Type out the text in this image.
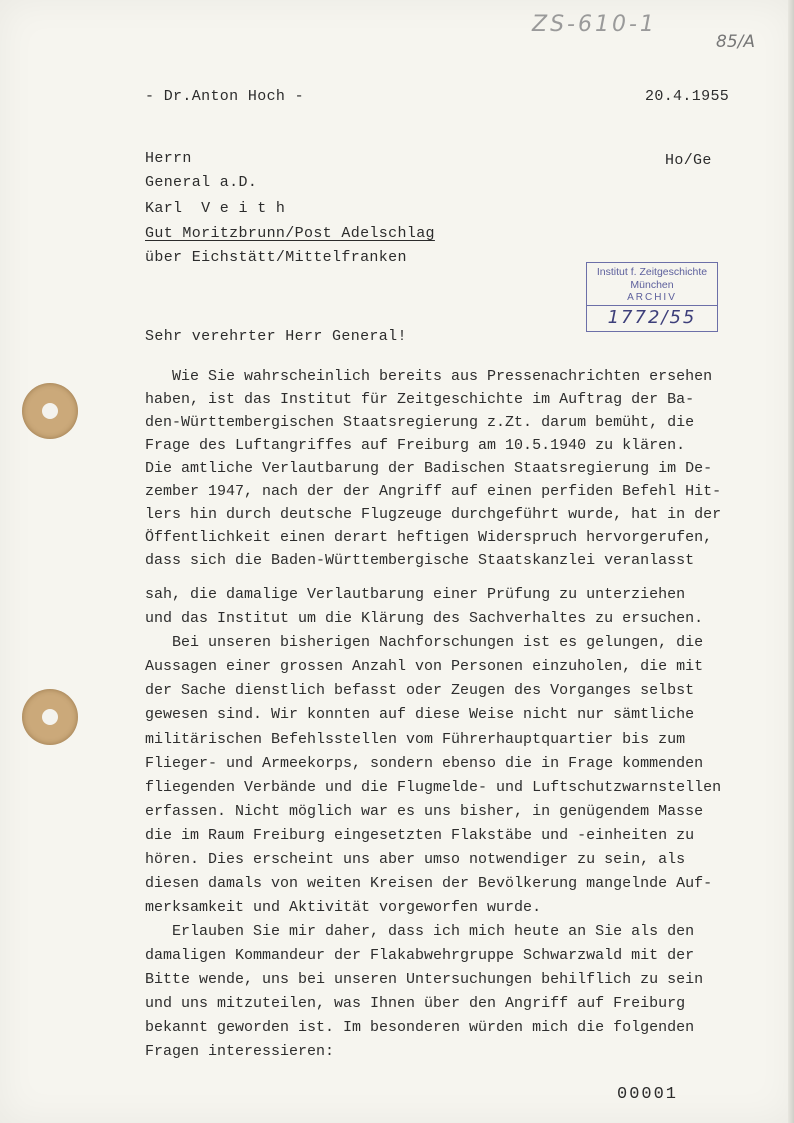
ZS-610-1
85/A
- Dr.Anton Hoch -	20.4.1955
Herrn	Ho/Ge
General a.D.
Karl  V e i t h
Gut Moritzbrunn/Post Adelschlag
über Eichstätt/Mittelfranken
Institut f. Zeitgeschichte
München
ARCHIV
1772/55
Sehr verehrter Herr General!
Wie Sie wahrscheinlich bereits aus Pressenachrichten ersehen
haben, ist das Institut für Zeitgeschichte im Auftrag der Ba-
den-Württembergischen Staatsregierung z.Zt. darum bemüht, die
Frage des Luftangriffes auf Freiburg am 10.5.1940 zu klären.
Die amtliche Verlautbarung der Badischen Staatsregierung im De-
zember 1947, nach der der Angriff auf einen perfiden Befehl Hit-
lers hin durch deutsche Flugzeuge durchgeführt wurde, hat in der
Öffentlichkeit einen derart heftigen Widerspruch hervorgerufen,
dass sich die Baden-Württembergische Staatskanzlei veranlasst
sah, die damalige Verlautbarung einer Prüfung zu unterziehen
und das Institut um die Klärung des Sachverhaltes zu ersuchen.
Bei unseren bisherigen Nachforschungen ist es gelungen, die
Aussagen einer grossen Anzahl von Personen einzuholen, die mit
der Sache dienstlich befasst oder Zeugen des Vorganges selbst
gewesen sind. Wir konnten auf diese Weise nicht nur sämtliche
militärischen Befehlsstellen vom Führerhauptquartier bis zum
Flieger- und Armeekorps, sondern ebenso die in Frage kommenden
fliegenden Verbände und die Flugmelde- und Luftschutzwarnstellen
erfassen. Nicht möglich war es uns bisher, in genügendem Masse
die im Raum Freiburg eingesetzten Flakstäbe und -einheiten zu
hören. Dies erscheint uns aber umso notwendiger zu sein, als
diesen damals von weiten Kreisen der Bevölkerung mangelnde Auf-
merksamkeit und Aktivität vorgeworfen wurde.
Erlauben Sie mir daher, dass ich mich heute an Sie als den
damaligen Kommandeur der Flakabwehrgruppe Schwarzwald mit der
Bitte wende, uns bei unseren Untersuchungen behilflich zu sein
und uns mitzuteilen, was Ihnen über den Angriff auf Freiburg
bekannt geworden ist. Im besonderen würden mich die folgenden
Fragen interessieren:
00001
